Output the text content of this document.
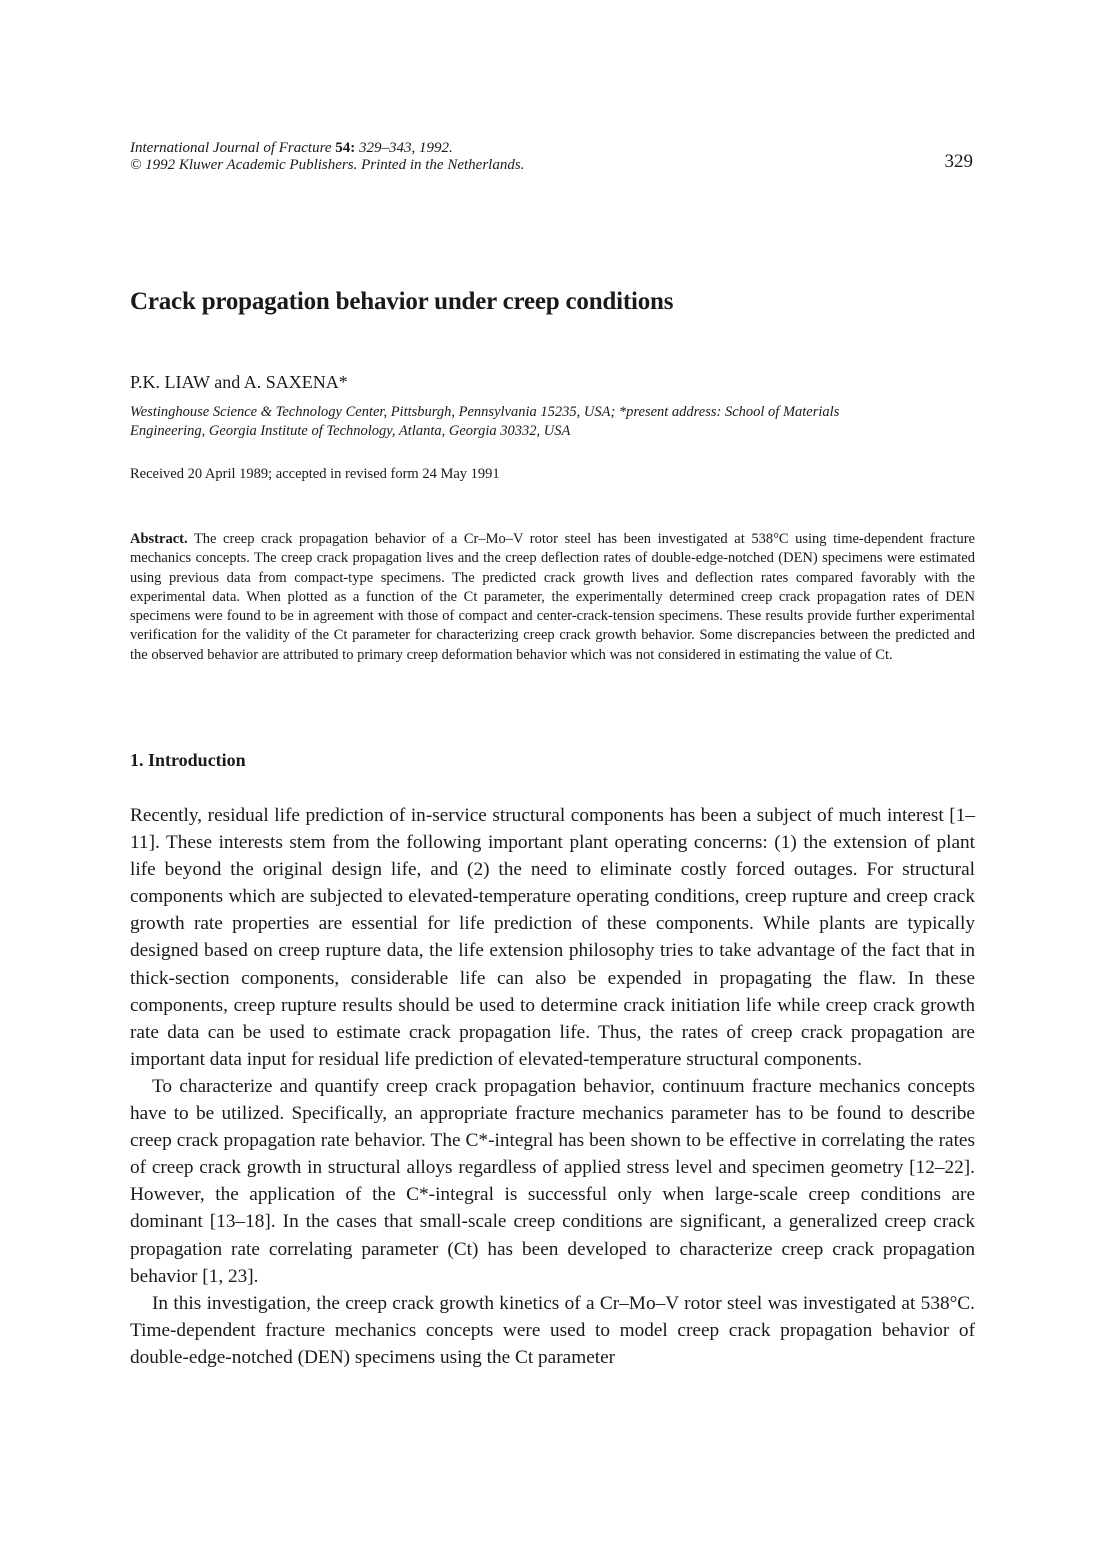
International Journal of Fracture 54: 329–343, 1992.
© 1992 Kluwer Academic Publishers. Printed in the Netherlands.	329
Crack propagation behavior under creep conditions
P.K. LIAW and A. SAXENA*
Westinghouse Science & Technology Center, Pittsburgh, Pennsylvania 15235, USA; *present address: School of Materials
Engineering, Georgia Institute of Technology, Atlanta, Georgia 30332, USA
Received 20 April 1989; accepted in revised form 24 May 1991
Abstract. The creep crack propagation behavior of a Cr–Mo–V rotor steel has been investigated at 538°C using time-dependent fracture mechanics concepts. The creep crack propagation lives and the creep deflection rates of double-edge-notched (DEN) specimens were estimated using previous data from compact-type specimens. The predicted crack growth lives and deflection rates compared favorably with the experimental data. When plotted as a function of the Ct parameter, the experimentally determined creep crack propagation rates of DEN specimens were found to be in agreement with those of compact and center-crack-tension specimens. These results provide further experimental verification for the validity of the Ct parameter for characterizing creep crack growth behavior. Some discrepancies between the predicted and the observed behavior are attributed to primary creep deformation behavior which was not considered in estimating the value of Ct.
1. Introduction

Recently, residual life prediction of in-service structural components has been a subject of much interest [1–11]. These interests stem from the following important plant operating concerns: (1) the extension of plant life beyond the original design life, and (2) the need to eliminate costly forced outages. For structural components which are subjected to elevated-temperature operating conditions, creep rupture and creep crack growth rate properties are essential for life prediction of these components. While plants are typically designed based on creep rupture data, the life extension philosophy tries to take advantage of the fact that in thick-section components, considerable life can also be expended in propagating the flaw. In these components, creep rupture results should be used to determine crack initiation life while creep crack growth rate data can be used to estimate crack propagation life. Thus, the rates of creep crack propagation are important data input for residual life prediction of elevated-temperature structural components.

To characterize and quantify creep crack propagation behavior, continuum fracture mechanics concepts have to be utilized. Specifically, an appropriate fracture mechanics parameter has to be found to describe creep crack propagation rate behavior. The C*-integral has been shown to be effective in correlating the rates of creep crack growth in structural alloys regardless of applied stress level and specimen geometry [12–22]. However, the application of the C*-integral is successful only when large-scale creep conditions are dominant [13–18]. In the cases that small-scale creep conditions are significant, a generalized creep crack propagation rate correlating parameter (Ct) has been developed to characterize creep crack propagation behavior [1, 23].

In this investigation, the creep crack growth kinetics of a Cr–Mo–V rotor steel was investigated at 538°C. Time-dependent fracture mechanics concepts were used to model creep crack propagation behavior of double-edge-notched (DEN) specimens using the Ct parameter
